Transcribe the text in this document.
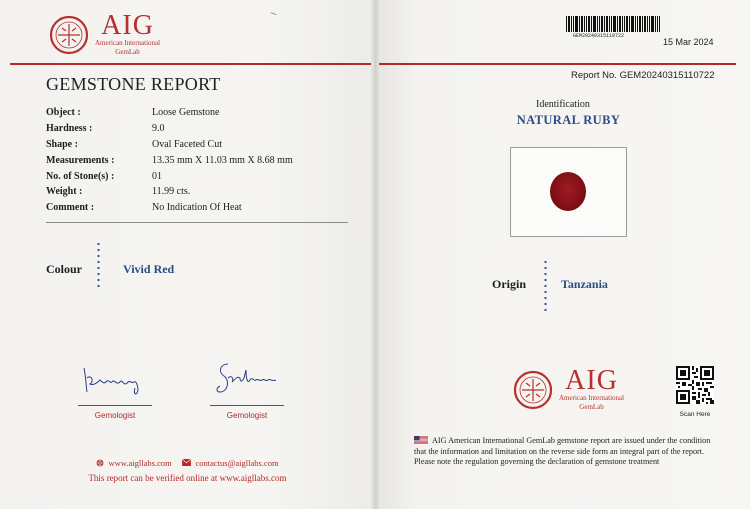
AIG
American International
GemLab
GEMSTONE REPORT
Object :	Loose Gemstone
Hardness :	9.0
Shape :	Oval Faceted Cut
Measurements :	13.35 mm X 11.03 mm X 8.68 mm
No. of Stone(s) :	01
Weight :	11.99 cts.
Comment :	No Indication Of Heat
Colour	Vivid Red
Gemologist	Gemologist
www.aigllabs.com	contactus@aigllabs.com
This report can be verified online at www.aigllabs.com
GEM20240315110722
15 Mar 2024
Report No. GEM20240315110722
Identification
NATURAL RUBY
Origin	Tanzania
AIG
American International
GemLab
Scan Here
AIG American International GemLab gemstone report are issued under the condition that the information and limitation on the reverse side form an integral part of the report. Please note the regulation governing the declaration of gemstone treatment
